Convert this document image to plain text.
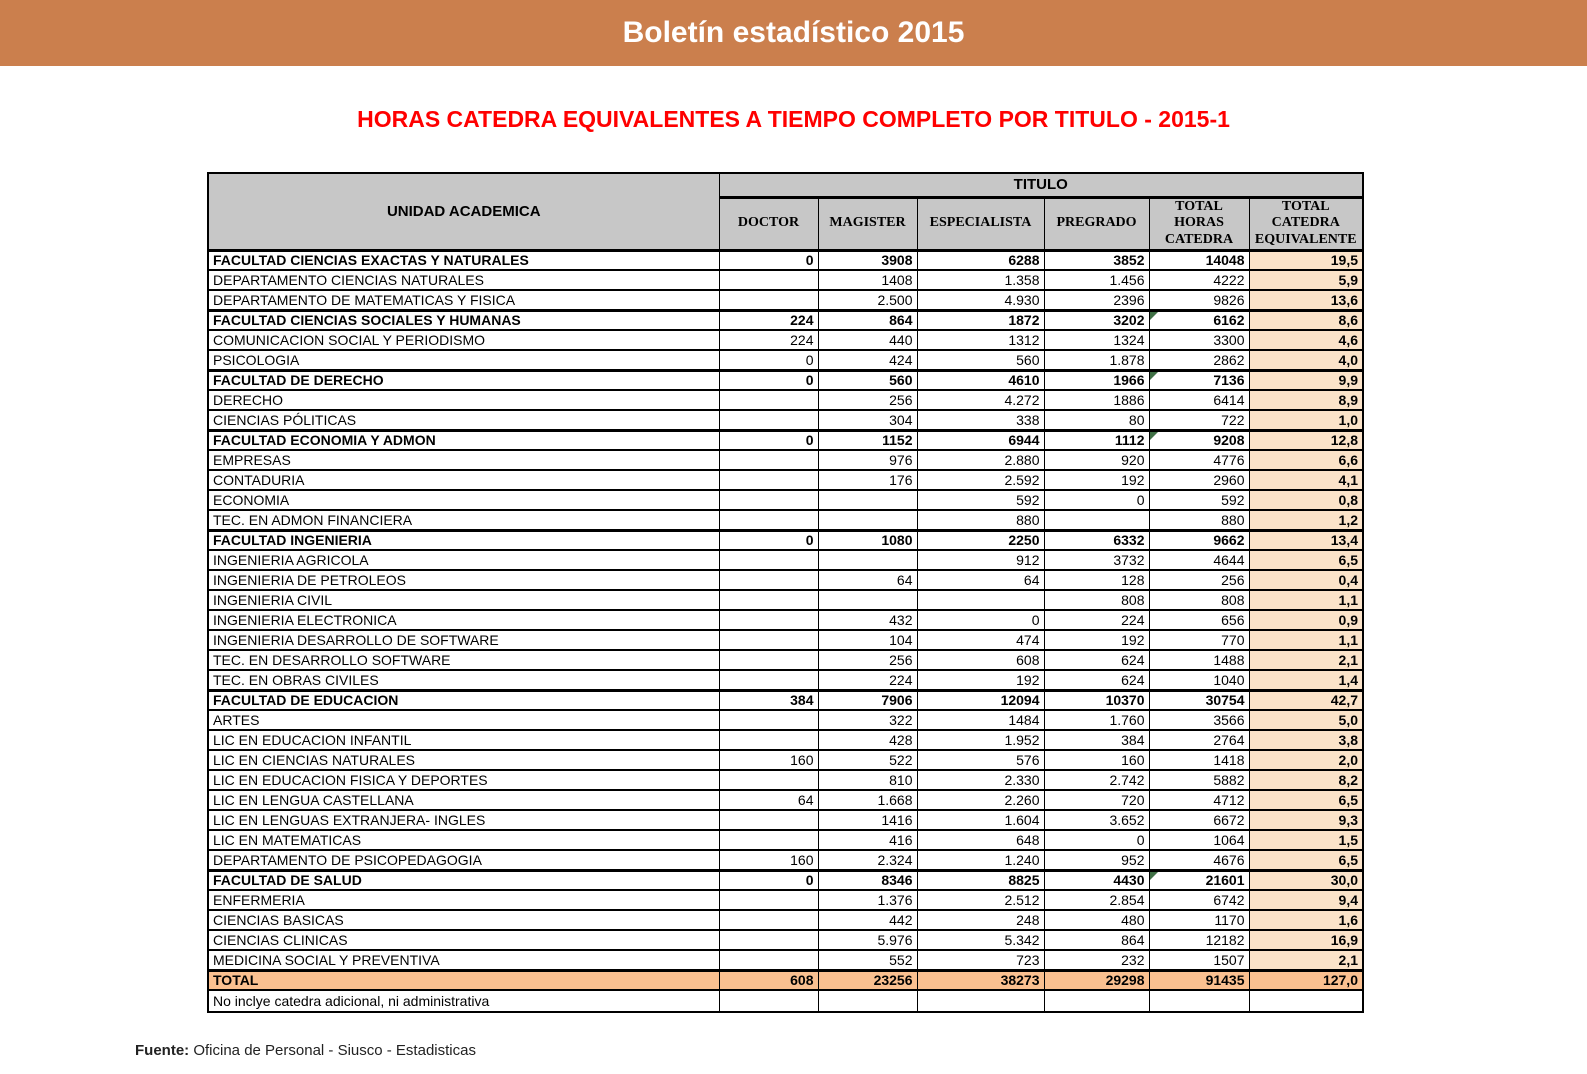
Boletín estadístico 2015
HORAS CATEDRA EQUIVALENTES A TIEMPO COMPLETO POR TITULO - 2015-1
UNIDAD ACADEMICA	TITULO					
	DOCTOR	MAGISTER	ESPECIALISTA	PREGRADO	TOTAL HORAS CATEDRA	TOTAL CATEDRA EQUIVALENTE
FACULTAD CIENCIAS EXACTAS Y NATURALES	0	3908	6288	3852	14048	19,5
DEPARTAMENTO CIENCIAS NATURALES		1408	1.358	1.456	4222	5,9
DEPARTAMENTO DE MATEMATICAS Y FISICA		2.500	4.930	2396	9826	13,6
FACULTAD CIENCIAS SOCIALES Y HUMANAS	224	864	1872	3202	6162	8,6
COMUNICACION SOCIAL Y PERIODISMO	224	440	1312	1324	3300	4,6
PSICOLOGIA	0	424	560	1.878	2862	4,0
FACULTAD DE DERECHO	0	560	4610	1966	7136	9,9
DERECHO		256	4.272	1886	6414	8,9
CIENCIAS PÓLITICAS		304	338	80	722	1,0
FACULTAD ECONOMIA Y ADMON	0	1152	6944	1112	9208	12,8
EMPRESAS		976	2.880	920	4776	6,6
CONTADURIA		176	2.592	192	2960	4,1
ECONOMIA			592	0	592	0,8
TEC. EN ADMON FINANCIERA			880		880	1,2
FACULTAD INGENIERIA	0	1080	2250	6332	9662	13,4
INGENIERIA AGRICOLA			912	3732	4644	6,5
INGENIERIA DE PETROLEOS		64	64	128	256	0,4
INGENIERIA CIVIL				808	808	1,1
INGENIERIA ELECTRONICA		432	0	224	656	0,9
INGENIERIA DESARROLLO DE SOFTWARE		104	474	192	770	1,1
TEC. EN DESARROLLO SOFTWARE		256	608	624	1488	2,1
TEC. EN OBRAS CIVILES		224	192	624	1040	1,4
FACULTAD DE EDUCACION	384	7906	12094	10370	30754	42,7
ARTES		322	1484	1.760	3566	5,0
LIC EN EDUCACION INFANTIL		428	1.952	384	2764	3,8
LIC EN CIENCIAS NATURALES	160	522	576	160	1418	2,0
LIC EN EDUCACION FISICA Y DEPORTES		810	2.330	2.742	5882	8,2
LIC EN LENGUA CASTELLANA	64	1.668	2.260	720	4712	6,5
LIC EN LENGUAS EXTRANJERA- INGLES		1416	1.604	3.652	6672	9,3
LIC EN MATEMATICAS		416	648	0	1064	1,5
DEPARTAMENTO DE PSICOPEDAGOGIA	160	2.324	1.240	952	4676	6,5
FACULTAD DE SALUD	0	8346	8825	4430	21601	30,0
ENFERMERIA		1.376	2.512	2.854	6742	9,4
CIENCIAS BASICAS		442	248	480	1170	1,6
CIENCIAS CLINICAS		5.976	5.342	864	12182	16,9
MEDICINA SOCIAL Y PREVENTIVA		552	723	232	1507	2,1
TOTAL	608	23256	38273	29298	91435	127,0
No inclye catedra adicional, ni administrativa						
Fuente: Oficina de Personal - Siusco - Estadisticas
